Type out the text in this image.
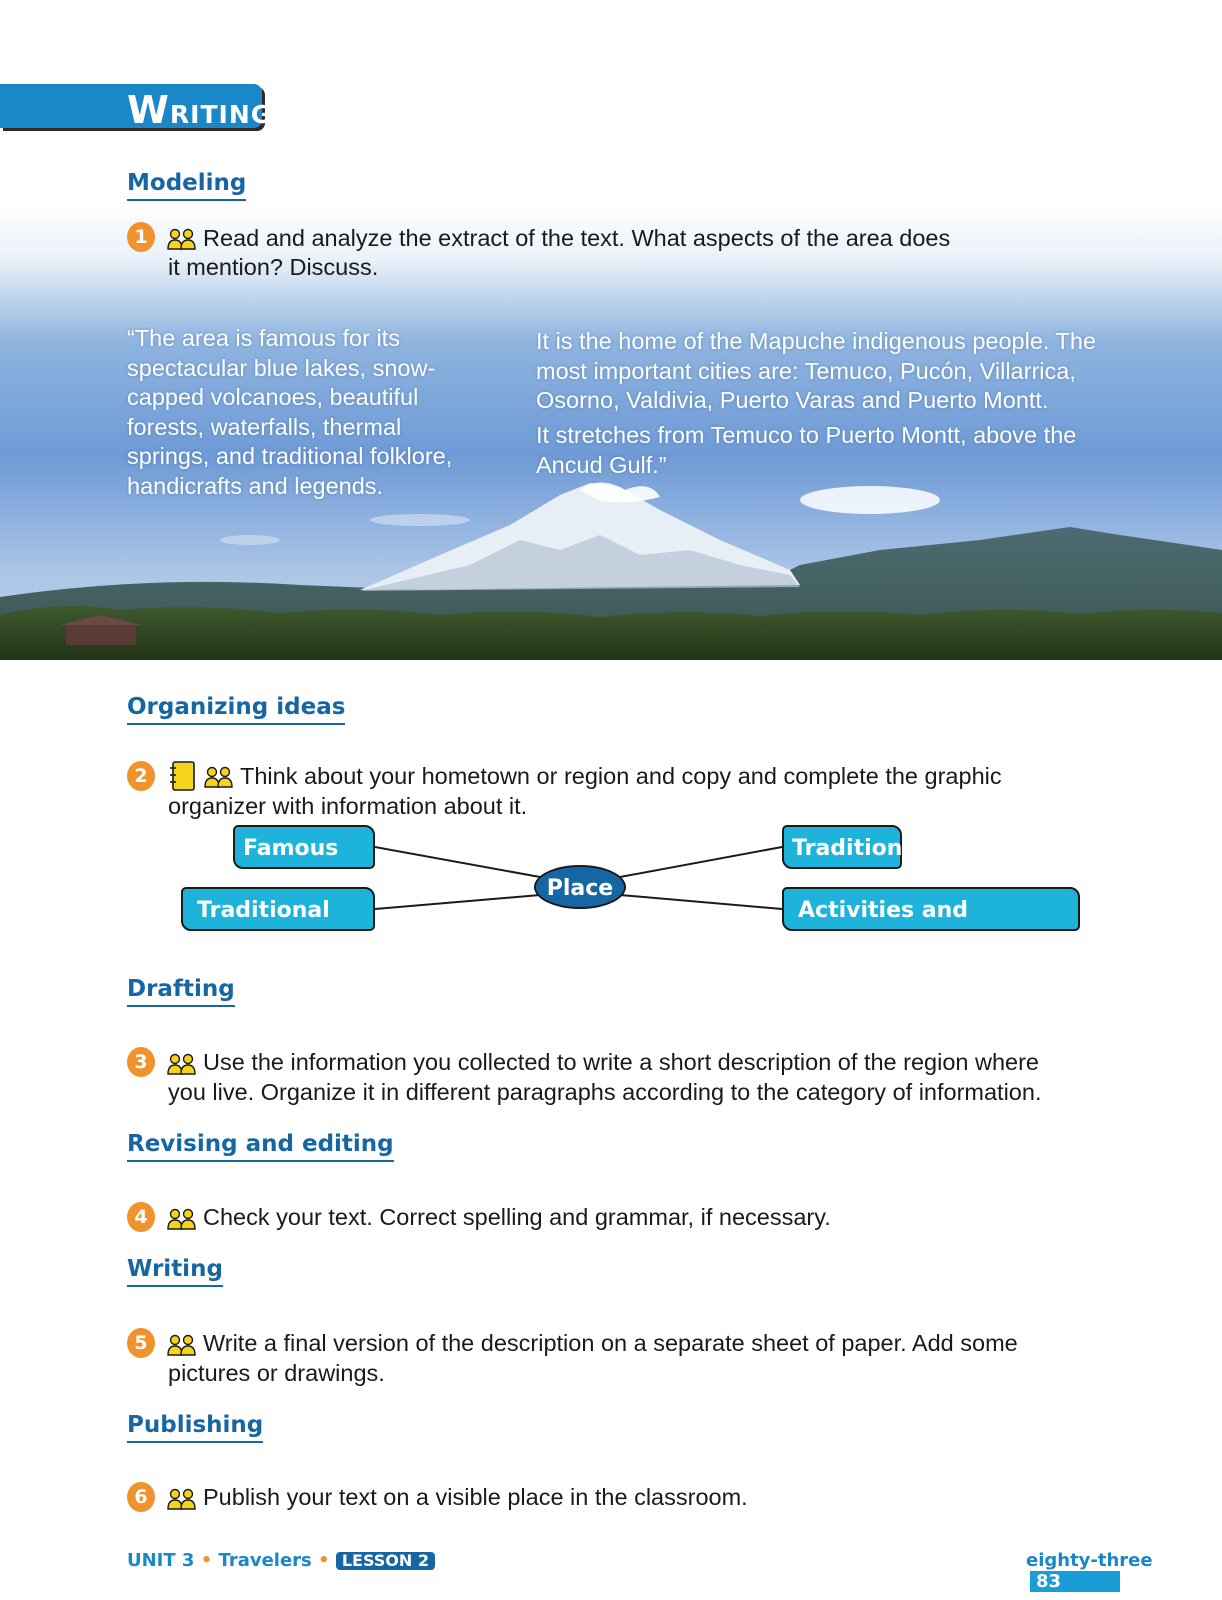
WRITING
Modeling
1	Read and analyze the extract of the text. What aspects of the area does
it mention? Discuss.
“The area is famous for its
spectacular blue lakes, snow-
capped volcanoes, beautiful
forests, waterfalls, thermal
springs, and traditional folklore,
handicrafts and legends.
It is the home of the Mapuche indigenous people. The
most important cities are: Temuco, Pucón, Villarrica,
Osorno, Valdivia, Puerto Varas and Puerto Montt.
It stretches from Temuco to Puerto Montt, above the
Ancud Gulf.”
Organizing ideas
2	Think about your hometown or region and copy and complete the graphic
organizer with information about it.
Famous
Traditional food
Place
Traditions
Activities and attractions
Drafting
3	Use the information you collected to write a short description of the region where
you live. Organize it in different paragraphs according to the category of information.
Revising and editing
4	Check your text. Correct spelling and grammar, if necessary.
Writing
5	Write a final version of the description on a separate sheet of paper. Add some
pictures or drawings.
Publishing
6	Publish your text on a visible place in the classroom.
UNIT 3 • Travelers • LESSON 2	eighty-three83
